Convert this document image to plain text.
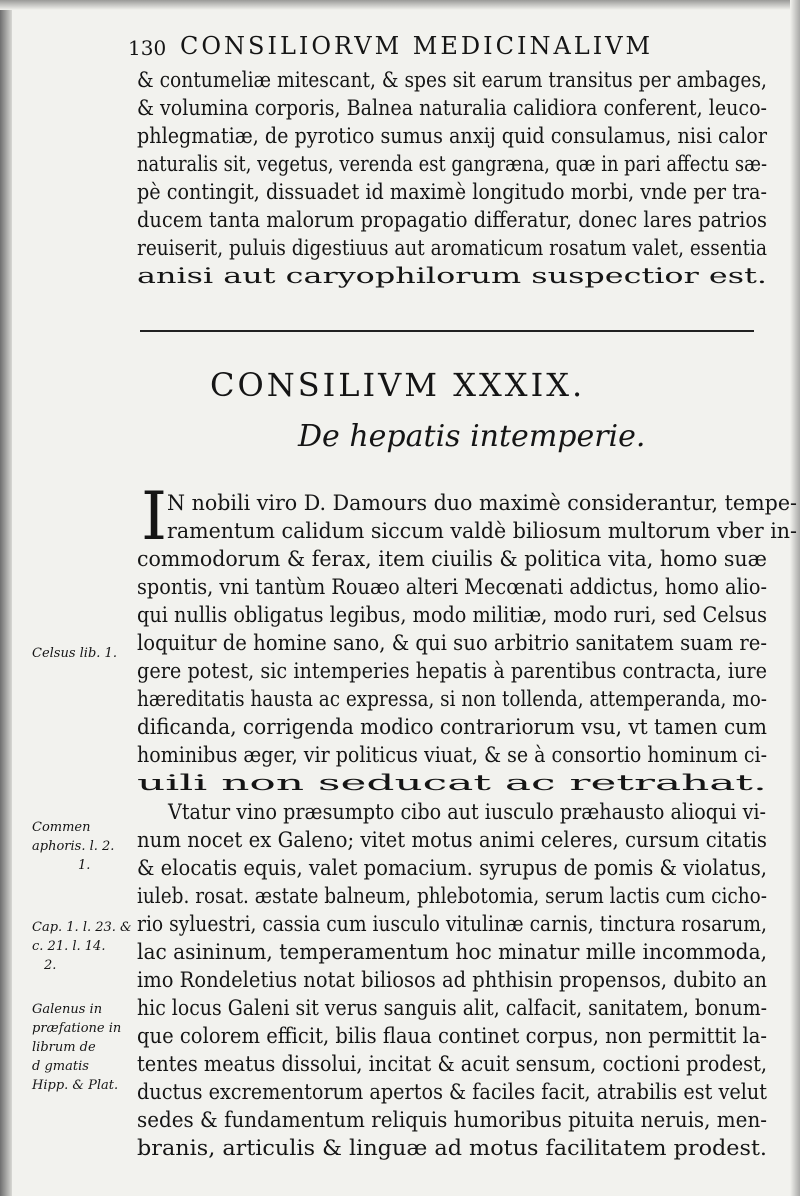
130 CONSILIORVM MEDICINALIVM
& contumeliæ mitescant, & spes sit earum transitus per ambages,
& volumina corporis, Balnea naturalia calidiora conferent, leuco-
phlegmatiæ, de pyrotico sumus anxij quid consulamus, nisi calor
naturalis sit, vegetus, verenda est gangræna, quæ in pari affectu sæ-
pè contingit, dissuadet id maximè longitudo morbi, vnde per tra-
ducem tanta malorum propagatio differatur, donec lares patrios
reuiserit, puluis digestiuus aut aromaticum rosatum valet, essentia
anisi aut caryophilorum suspectior est.
CONSILIVM XXXIX.
De hepatis intemperie.
I N nobili viro D. Damours duo maximè considerantur, tempe-
ramentum calidum siccum valdè biliosum multorum vber in-
commodorum & ferax, item ciuilis & politica vita, homo suæ
spontis, vni tantùm Rouæo alteri Mecœnati addictus, homo alio-
qui nullis obligatus legibus, modo militiæ, modo ruri, sed Celsus
loquitur de homine sano, & qui suo arbitrio sanitatem suam re-
gere potest, sic intemperies hepatis à parentibus contracta, iure
hæreditatis hausta ac expressa, si non tollenda, attemperanda, mo-
dificanda, corrigenda modico contrariorum vsu, vt tamen cum
hominibus æger, vir politicus viuat, & se à consortio hominum ci-
uili non seducat ac retrahat.
Vtatur vino præsumpto cibo aut iusculo præhausto alioqui vi-
num nocet ex Galeno; vitet motus animi celeres, cursum citatis
& elocatis equis, valet pomacium. syrupus de pomis & violatus,
iuleb. rosat. æstate balneum, phlebotomia, serum lactis cum cicho-
rio syluestri, cassia cum iusculo vitulinæ carnis, tinctura rosarum,
lac asininum, temperamentum hoc minatur mille incommoda,
imo Rondeletius notat biliosos ad phthisin propensos, dubito an
hic locus Galeni sit verus sanguis alit, calfacit, sanitatem, bonum-
que colorem efficit, bilis flaua continet corpus, non permittit la-
tentes meatus dissolui, incitat & acuit sensum, coctioni prodest,
ductus excrementorum apertos & faciles facit, atrabilis est velut
sedes & fundamentum reliquis humoribus pituita neruis, men-
branis, articulis & linguæ ad motus facilitatem prodest.
Celsus lib. 1.
Commen
aphoris. l. 2.
1.
Cap. 1. l. 23. &
c. 21. l. 14.
2.
Galenus in
præfatione in
librum de
d gmatis
Hipp. & Plat.
